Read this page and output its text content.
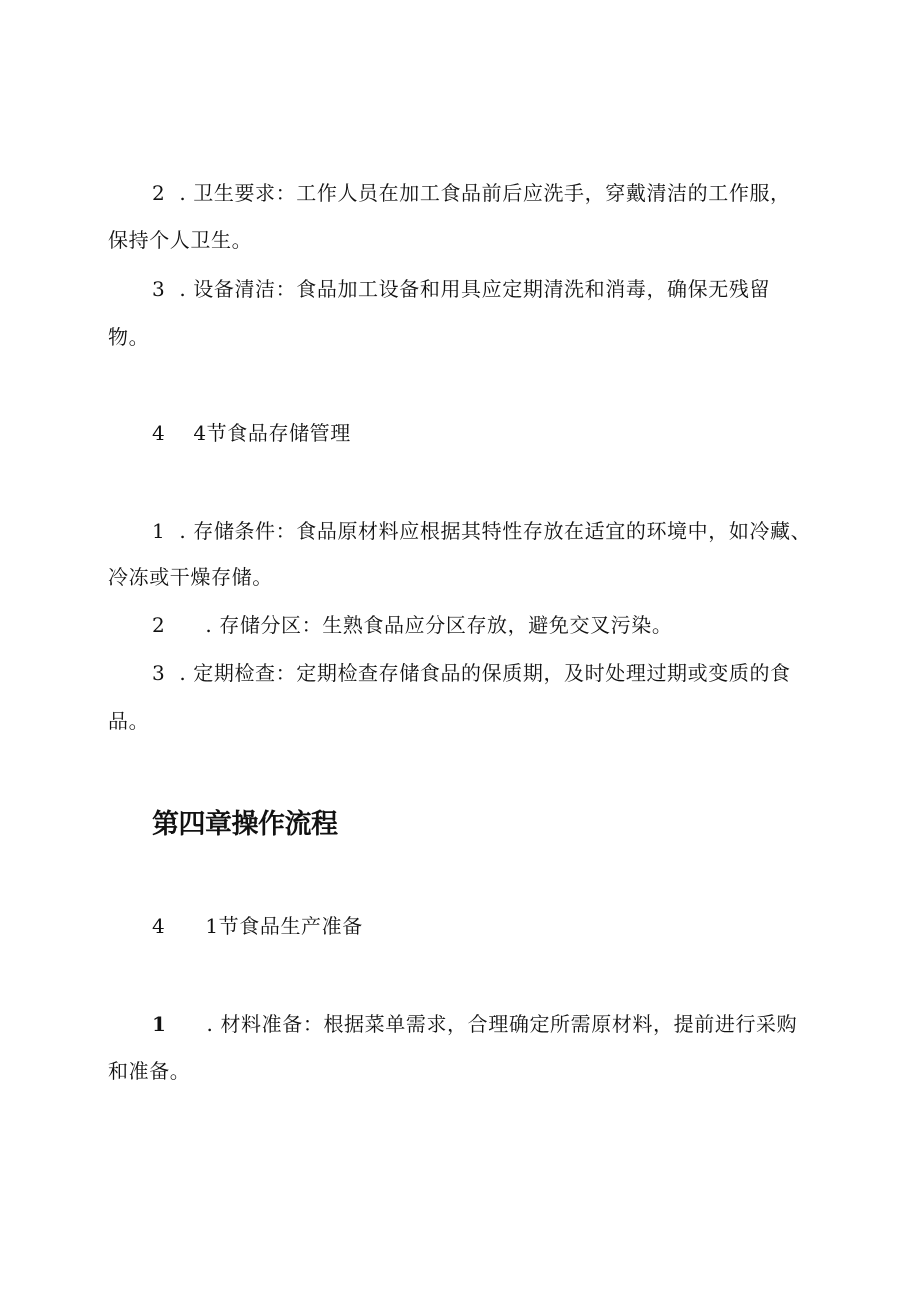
2 . 卫生要求：工作人员在加工食品前后应洗手，穿戴清洁的工作服，
保持个人卫生。
3 . 设备清洁：食品加工设备和用具应定期清洗和消毒，确保无残留
物。
4 4节食品存储管理
1 . 存储条件：食品原材料应根据其特性存放在适宜的环境中，如冷藏、
冷冻或干燥存储。
2 . 存储分区：生熟食品应分区存放，避免交叉污染。
3 . 定期检查：定期检查存储食品的保质期，及时处理过期或变质的食
品。
第四章操作流程
4 1节食品生产准备
1 . 材料准备：根据菜单需求，合理确定所需原材料，提前进行采购
和准备。
